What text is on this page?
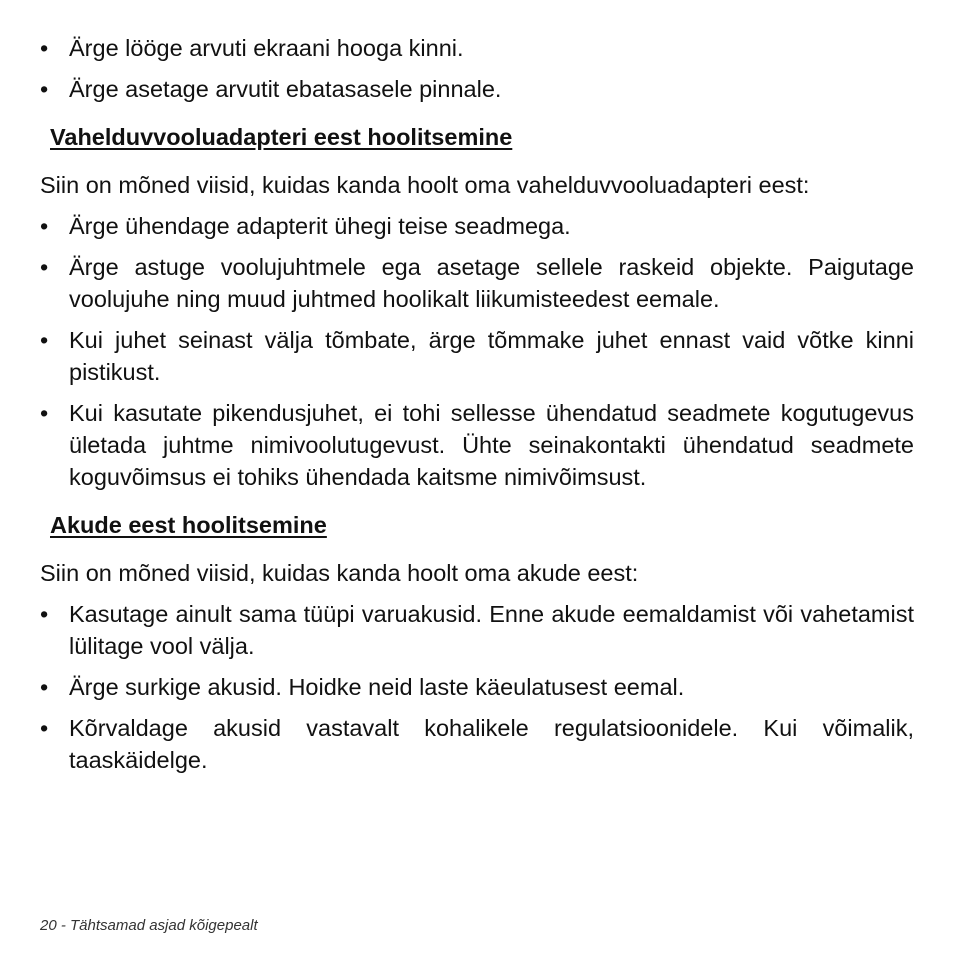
• Ärge lööge arvuti ekraani hooga kinni.
• Ärge asetage arvutit ebatasasele pinnale.
Vahelduvvooluadapteri eest hoolitsemine

Siin on mõned viisid, kuidas kanda hoolt oma vahelduvvooluadapteri eest:

• Ärge ühendage adapterit ühegi teise seadmega.
• Ärge astuge voolujuhtmele ega asetage sellele raskeid objekte. Paigutage voolujuhe ning muud juhtmed hoolikalt liikumisteedest eemale.
• Kui juhet seinast välja tõmbate, ärge tõmmake juhet ennast vaid võtke kinni pistikust.
• Kui kasutate pikendusjuhet, ei tohi sellesse ühendatud seadmete kogutugevus ületada juhtme nimivoolutugevust. Ühte seinakontakti ühendatud seadmete koguvõimsus ei tohiks ühendada kaitsme nimivõimsust.
Akude eest hoolitsemine

Siin on mõned viisid, kuidas kanda hoolt oma akude eest:

• Kasutage ainult sama tüüpi varuakusid. Enne akude eemaldamist või vahetamist lülitage vool välja.
• Ärge surkige akusid. Hoidke neid laste käeulatusest eemal.
• Kõrvaldage akusid vastavalt kohalikele regulatsioonidele. Kui võimalik, taaskäidelge.
20 - Tähtsamad asjad kõigepealt
